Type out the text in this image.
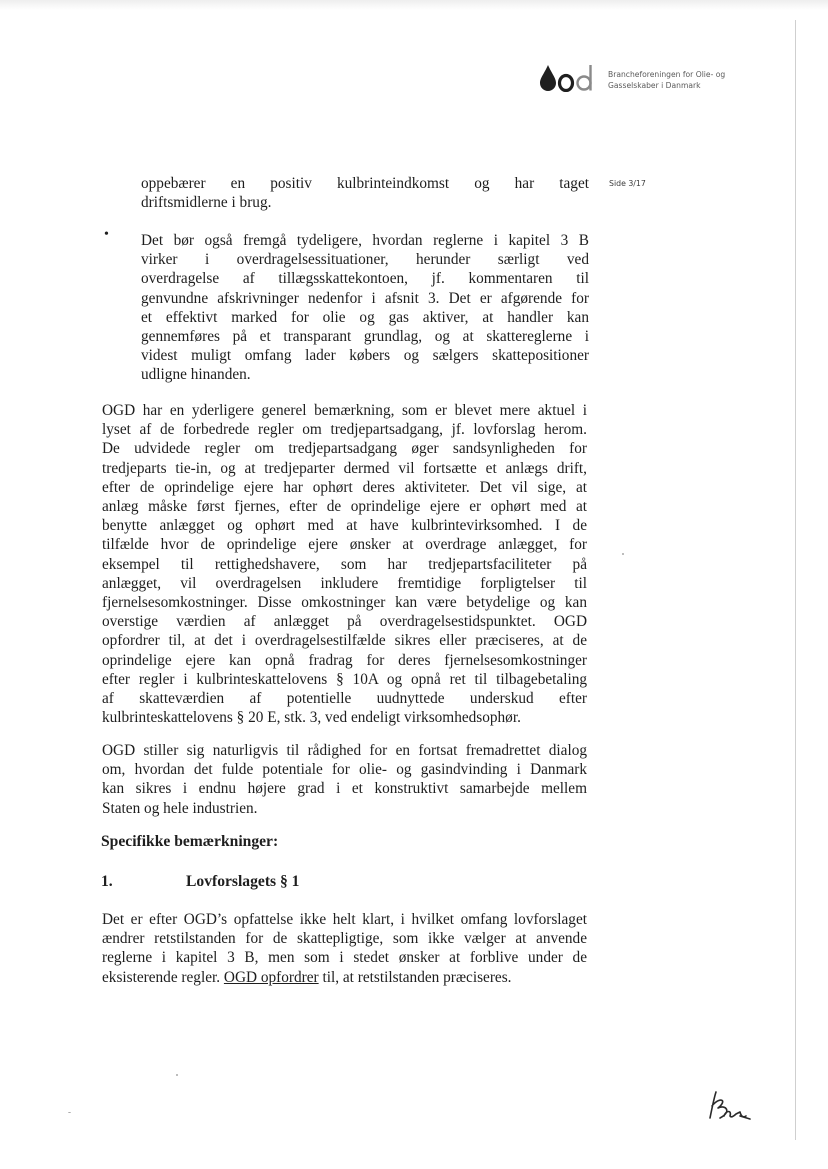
Brancheforeningen for Olie- og
Gasselskaber i Danmark
Side 3/17
oppebærer en positiv kulbrinteindkomst og har taget
driftsmidlerne i brug.
• Det bør også fremgå tydeligere, hvordan reglerne i kapitel 3 B
virker i overdragelsessituationer, herunder særligt ved
overdragelse af tillægsskattekontoen, jf. kommentaren til
genvundne afskrivninger nedenfor i afsnit 3. Det er afgørende for
et effektivt marked for olie og gas aktiver, at handler kan
gennemføres på et transparant grundlag, og at skattereglerne i
videst muligt omfang lader købers og sælgers skattepositioner
udligne hinanden.
OGD har en yderligere generel bemærkning, som er blevet mere aktuel i
lyset af de forbedrede regler om tredjepartsadgang, jf. lovforslag herom.
De udvidede regler om tredjepartsadgang øger sandsynligheden for
tredjeparts tie-in, og at tredjeparter dermed vil fortsætte et anlægs drift,
efter de oprindelige ejere har ophørt deres aktiviteter. Det vil sige, at
anlæg måske først fjernes, efter de oprindelige ejere er ophørt med at
benytte anlægget og ophørt med at have kulbrintevirksomhed. I de
tilfælde hvor de oprindelige ejere ønsker at overdrage anlægget, for
eksempel til rettighedshavere, som har tredjepartsfaciliteter på
anlægget, vil overdragelsen inkludere fremtidige forpligtelser til
fjernelsesomkostninger. Disse omkostninger kan være betydelige og kan
overstige værdien af anlægget på overdragelsestidspunktet. OGD
opfordrer til, at det i overdragelsestilfælde sikres eller præciseres, at de
oprindelige ejere kan opnå fradrag for deres fjernelsesomkostninger
efter regler i kulbrinteskattelovens § 10A og opnå ret til tilbagebetaling
af skatteværdien af potentielle uudnyttede underskud efter
kulbrinteskattelovens § 20 E, stk. 3, ved endeligt virksomhedsophør.
OGD stiller sig naturligvis til rådighed for en fortsat fremadrettet dialog
om, hvordan det fulde potentiale for olie- og gasindvinding i Danmark
kan sikres i endnu højere grad i et konstruktivt samarbejde mellem
Staten og hele industrien.
Specifikke bemærkninger:
1.	Lovforslagets § 1
Det er efter OGD’s opfattelse ikke helt klart, i hvilket omfang lovforslaget
ændrer retstilstanden for de skattepligtige, som ikke vælger at anvende
reglerne i kapitel 3 B, men som i stedet ønsker at forblive under de
eksisterende regler. OGD opfordrer til, at retstilstanden præciseres.
